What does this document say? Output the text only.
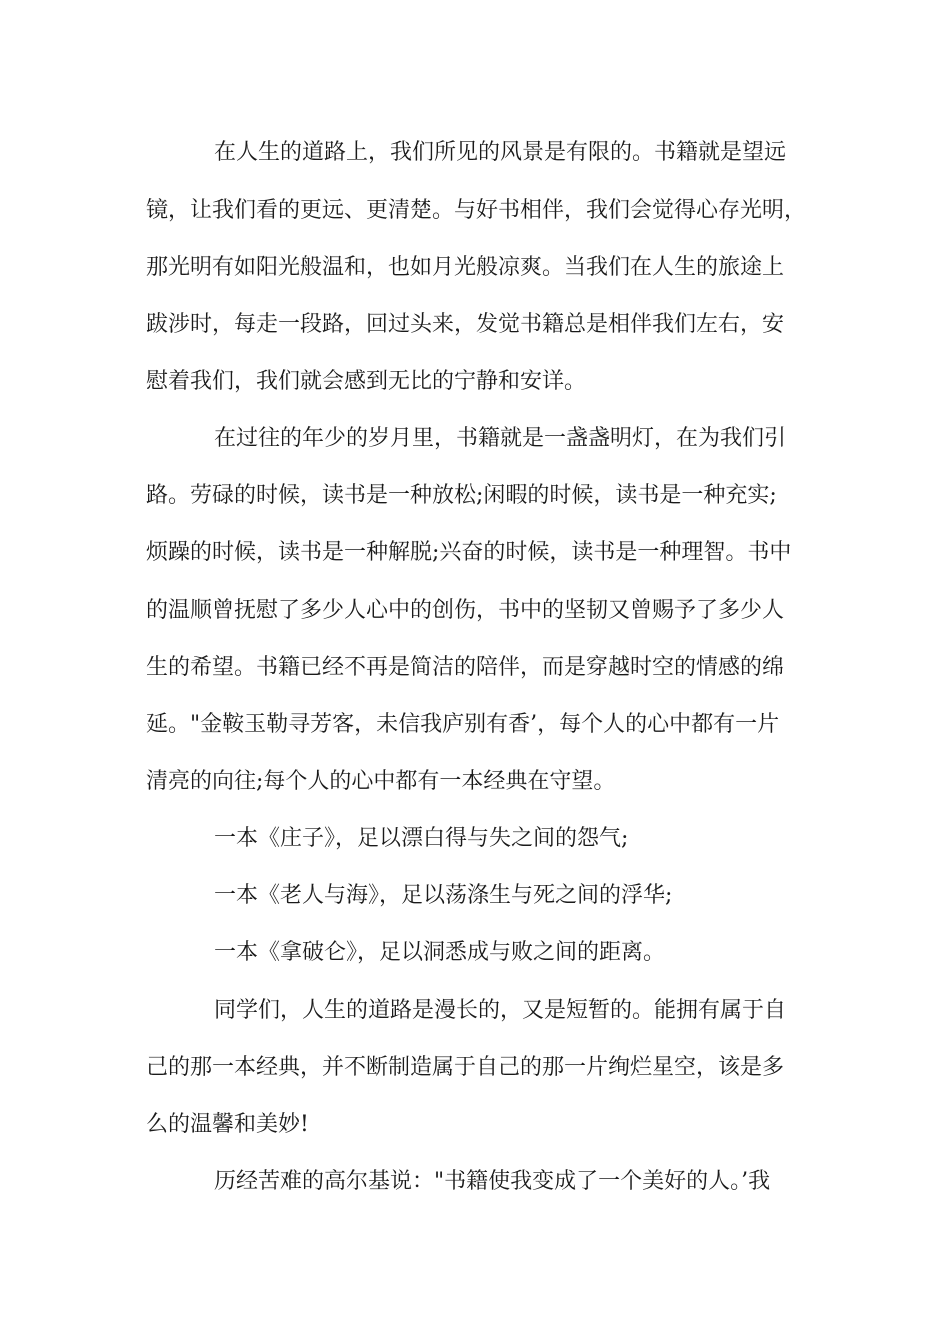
在人生的道路上，我们所见的风景是有限的。书籍就是望远

镜，让我们看的更远、更清楚。与好书相伴，我们会觉得心存光明，

那光明有如阳光般温和，也如月光般凉爽。当我们在人生的旅途上

跋涉时，每走一段路，回过头来，发觉书籍总是相伴我们左右，安

慰着我们，我们就会感到无比的宁静和安详。

在过往的年少的岁月里，书籍就是一盏盏明灯，在为我们引

路。劳碌的时候，读书是一种放松;闲暇的时候，读书是一种充实;

烦躁的时候，读书是一种解脱;兴奋的时候，读书是一种理智。书中

的温顺曾抚慰了多少人心中的创伤，书中的坚韧又曾赐予了多少人

生的希望。书籍已经不再是简洁的陪伴，而是穿越时空的情感的绵

延。"金鞍玉勒寻芳客，未信我庐别有香’，每个人的心中都有一片

清亮的向往;每个人的心中都有一本经典在守望。

一本《庄子》，足以漂白得与失之间的怨气;

一本《老人与海》，足以荡涤生与死之间的浮华;

一本《拿破仑》，足以洞悉成与败之间的距离。

同学们，人生的道路是漫长的，又是短暂的。能拥有属于自

己的那一本经典，并不断制造属于自己的那一片绚烂星空，该是多

么的温馨和美妙!

历经苦难的高尔基说："书籍使我变成了一个美好的人。’我
